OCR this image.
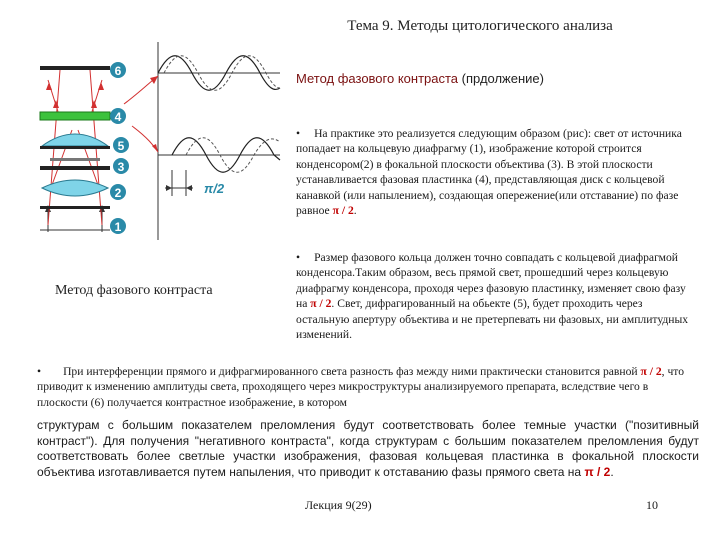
Тема 9. Методы цитологического анализа
Метод фазового контраста (прдолжение)
6
4
5
3
2
1
π/2
Метод фазового контраста
• На практике это реализуется следующим образом (рис): свет от источника попадает на кольцевую диафрагму (1), изображение которой строится конденсором(2) в фокальной плоскости объектива (3). В этой плоскости устанавливается фазовая пластинка (4), представляющая диск с кольцевой канавкой (или напылением), создающая опережение(или отставание) по фазе равное π / 2.
• Размер фазового кольца должен точно совпадать с кольцевой диафрагмой конденсора.Таким образом, весь прямой свет, прошедший через кольцевую диафрагму конденсора, проходя через фазовую пластинку, изменяет свою фазу на π / 2. Свет, дифрагированный на обьекте (5), будет проходить через остальную апертуру объектива и не претерпевать ни фазовых, ни амплитудных изменений.
• При интерференции прямого и дифрагмированного света разность фаз между ними практически становится равной π / 2, что приводит к изменению амплитуды света, проходящего через микроструктуры анализируемого препарата, вследствие чего в плоскости (6) получается контрастное изображение, в котором
структурам с большим показателем преломления будут соответствовать более темные участки ("позитивный контраст"). Для получения "негативного контраста", когда структурам с большим показателем преломления будут соответствовать более светлые участки изображения, фазовая кольцевая пластинка в фокальной плоскости объектива изготавливается путем напыления, что приводит к отставанию фазы прямого света на π / 2.
Лекция 9(29)	10
